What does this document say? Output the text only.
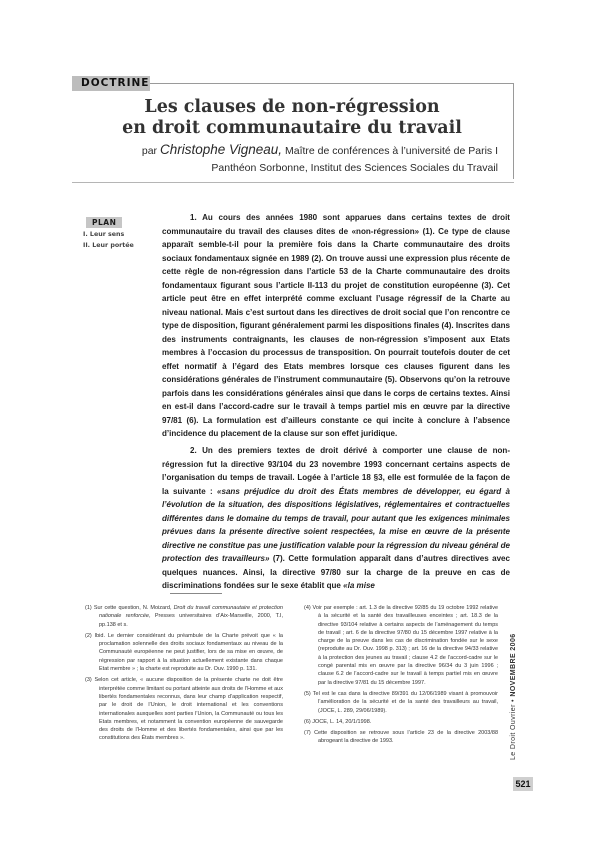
DOCTRINE
Les clauses de non-régression
en droit communautaire du travail
par Christophe Vigneau, Maître de conférences à l’université de Paris I
Panthéon Sorbonne, Institut des Sciences Sociales du Travail
PLAN
I. Leur sens
II. Leur portée

1. Au cours des années 1980 sont apparues dans certains textes de droit communautaire du travail des clauses dites de «non-régression» (1). Ce type de clause apparaît semble-t-il pour la première fois dans la Charte communautaire des droits sociaux fondamentaux signée en 1989 (2). On trouve aussi une expression plus récente de cette règle de non-régression dans l’article 53 de la Charte communautaire des droits fondamentaux figurant sous l’article II-113 du projet de constitution européenne (3). Cet article peut être en effet interprété comme excluant l’usage régressif de la Charte au niveau national. Mais c’est surtout dans les directives de droit social que l’on rencontre ce type de disposition, figurant généralement parmi les dispositions finales (4). Inscrites dans des instruments contraignants, les clauses de non-régression s’imposent aux Etats membres à l’occasion du processus de transposition. On pourrait toutefois douter de cet effet normatif à l’égard des Etats membres lorsque ces clauses figurent dans les considérations générales de l’instrument communautaire (5). Observons qu’on la retrouve parfois dans les considérations générales ainsi que dans le corps de certains textes. Ainsi en est-il dans l’accord-cadre sur le travail à temps partiel mis en œuvre par la directive 97/81 (6). La formulation est d’ailleurs constante ce qui incite à conclure à l’absence d’incidence du placement de la clause sur son effet juridique.

2. Un des premiers textes de droit dérivé à comporter une clause de non-régression fut la directive 93/104 du 23 novembre 1993 concernant certains aspects de l’organisation du temps de travail. Logée à l’article 18 §3, elle est formulée de la façon de la suivante : «sans préjudice du droit des États membres de développer, eu égard à l’évolution de la situation, des dispositions législatives, réglementaires et contractuelles différentes dans le domaine du temps de travail, pour autant que les exigences minimales prévues dans la présente directive soient respectées, la mise en œuvre de la présente directive ne constitue pas une justification valable pour la régression du niveau général de protection des travailleurs» (7). Cette formulation apparaît dans d’autres directives avec quelques nuances. Ainsi, la directive 97/80 sur la charge de la preuve en cas de discriminations fondées sur le sexe établit que «la mise

(1) Sur cette question, N. Moizard, Droit du travail communautaire et protection nationale renforcée, Presses universitaires d’Aix-Marseille, 2000, T.I, pp.138 et s.
(2) Ibid. Le dernier considérant du préambule de la Charte prévoit que « la proclamation solennelle des droits sociaux fondamentaux au niveau de la Communauté européenne ne peut justifier, lors de sa mise en œuvre, de régression par rapport à la situation actuellement existante dans chaque Etat membre » ; la charte est reproduite au Dr. Ouv. 1990 p. 131.
(3) Selon cet article, « aucune disposition de la présente charte ne doit être interprétée comme limitant ou portant atteinte aux droits de l’Homme et aux libertés fondamentales reconnus, dans leur champ d’application respectif, par le droit de l’Union, le droit international et les conventions internationales auxquelles sont parties l’Union, la Communauté ou tous les Etats membres, et notamment la convention européenne de sauvegarde des droits de l’Homme et des libertés fondamentales, ainsi que par les constitutions des États membres ».
(4) Voir par exemple : art. 1.3 de la directive 92/85 du 19 octobre 1992 relative à la sécurité et la santé des travailleuses enceintes ; art. 18.3 de la directive 93/104 relative à certains aspects de l’aménagement du temps de travail ; art. 6 de la directive 97/80 du 15 décembre 1997 relative à la charge de la preuve dans les cas de discrimination fondée sur le sexe (reproduite au Dr. Ouv. 1998 p. 313) ; art. 16 de la directive 94/33 relative à la protection des jeunes au travail ; clause 4.2 de l’accord-cadre sur le congé parental mis en œuvre par la directive 96/34 du 3 juin 1996 ; clause 6.2 de l’accord-cadre sur le travail à temps partiel mis en œuvre par la directive 97/81 du 15 décembre 1997.
(5) Tel est le cas dans la directive 89/391 du 12/06/1989 visant à promouvoir l’amélioration de la sécurité et de la santé des travailleurs au travail, (JOCE, L. 289, 29/06/1989).
(6) JOCE, L. 14, 20/1/1998.
(7) Cette disposition se retrouve sous l’article 23 de la directive 2003/88 abrogeant la directive de 1993.	Le Droit Ouvrier • NOVEMBRE 2006
521
